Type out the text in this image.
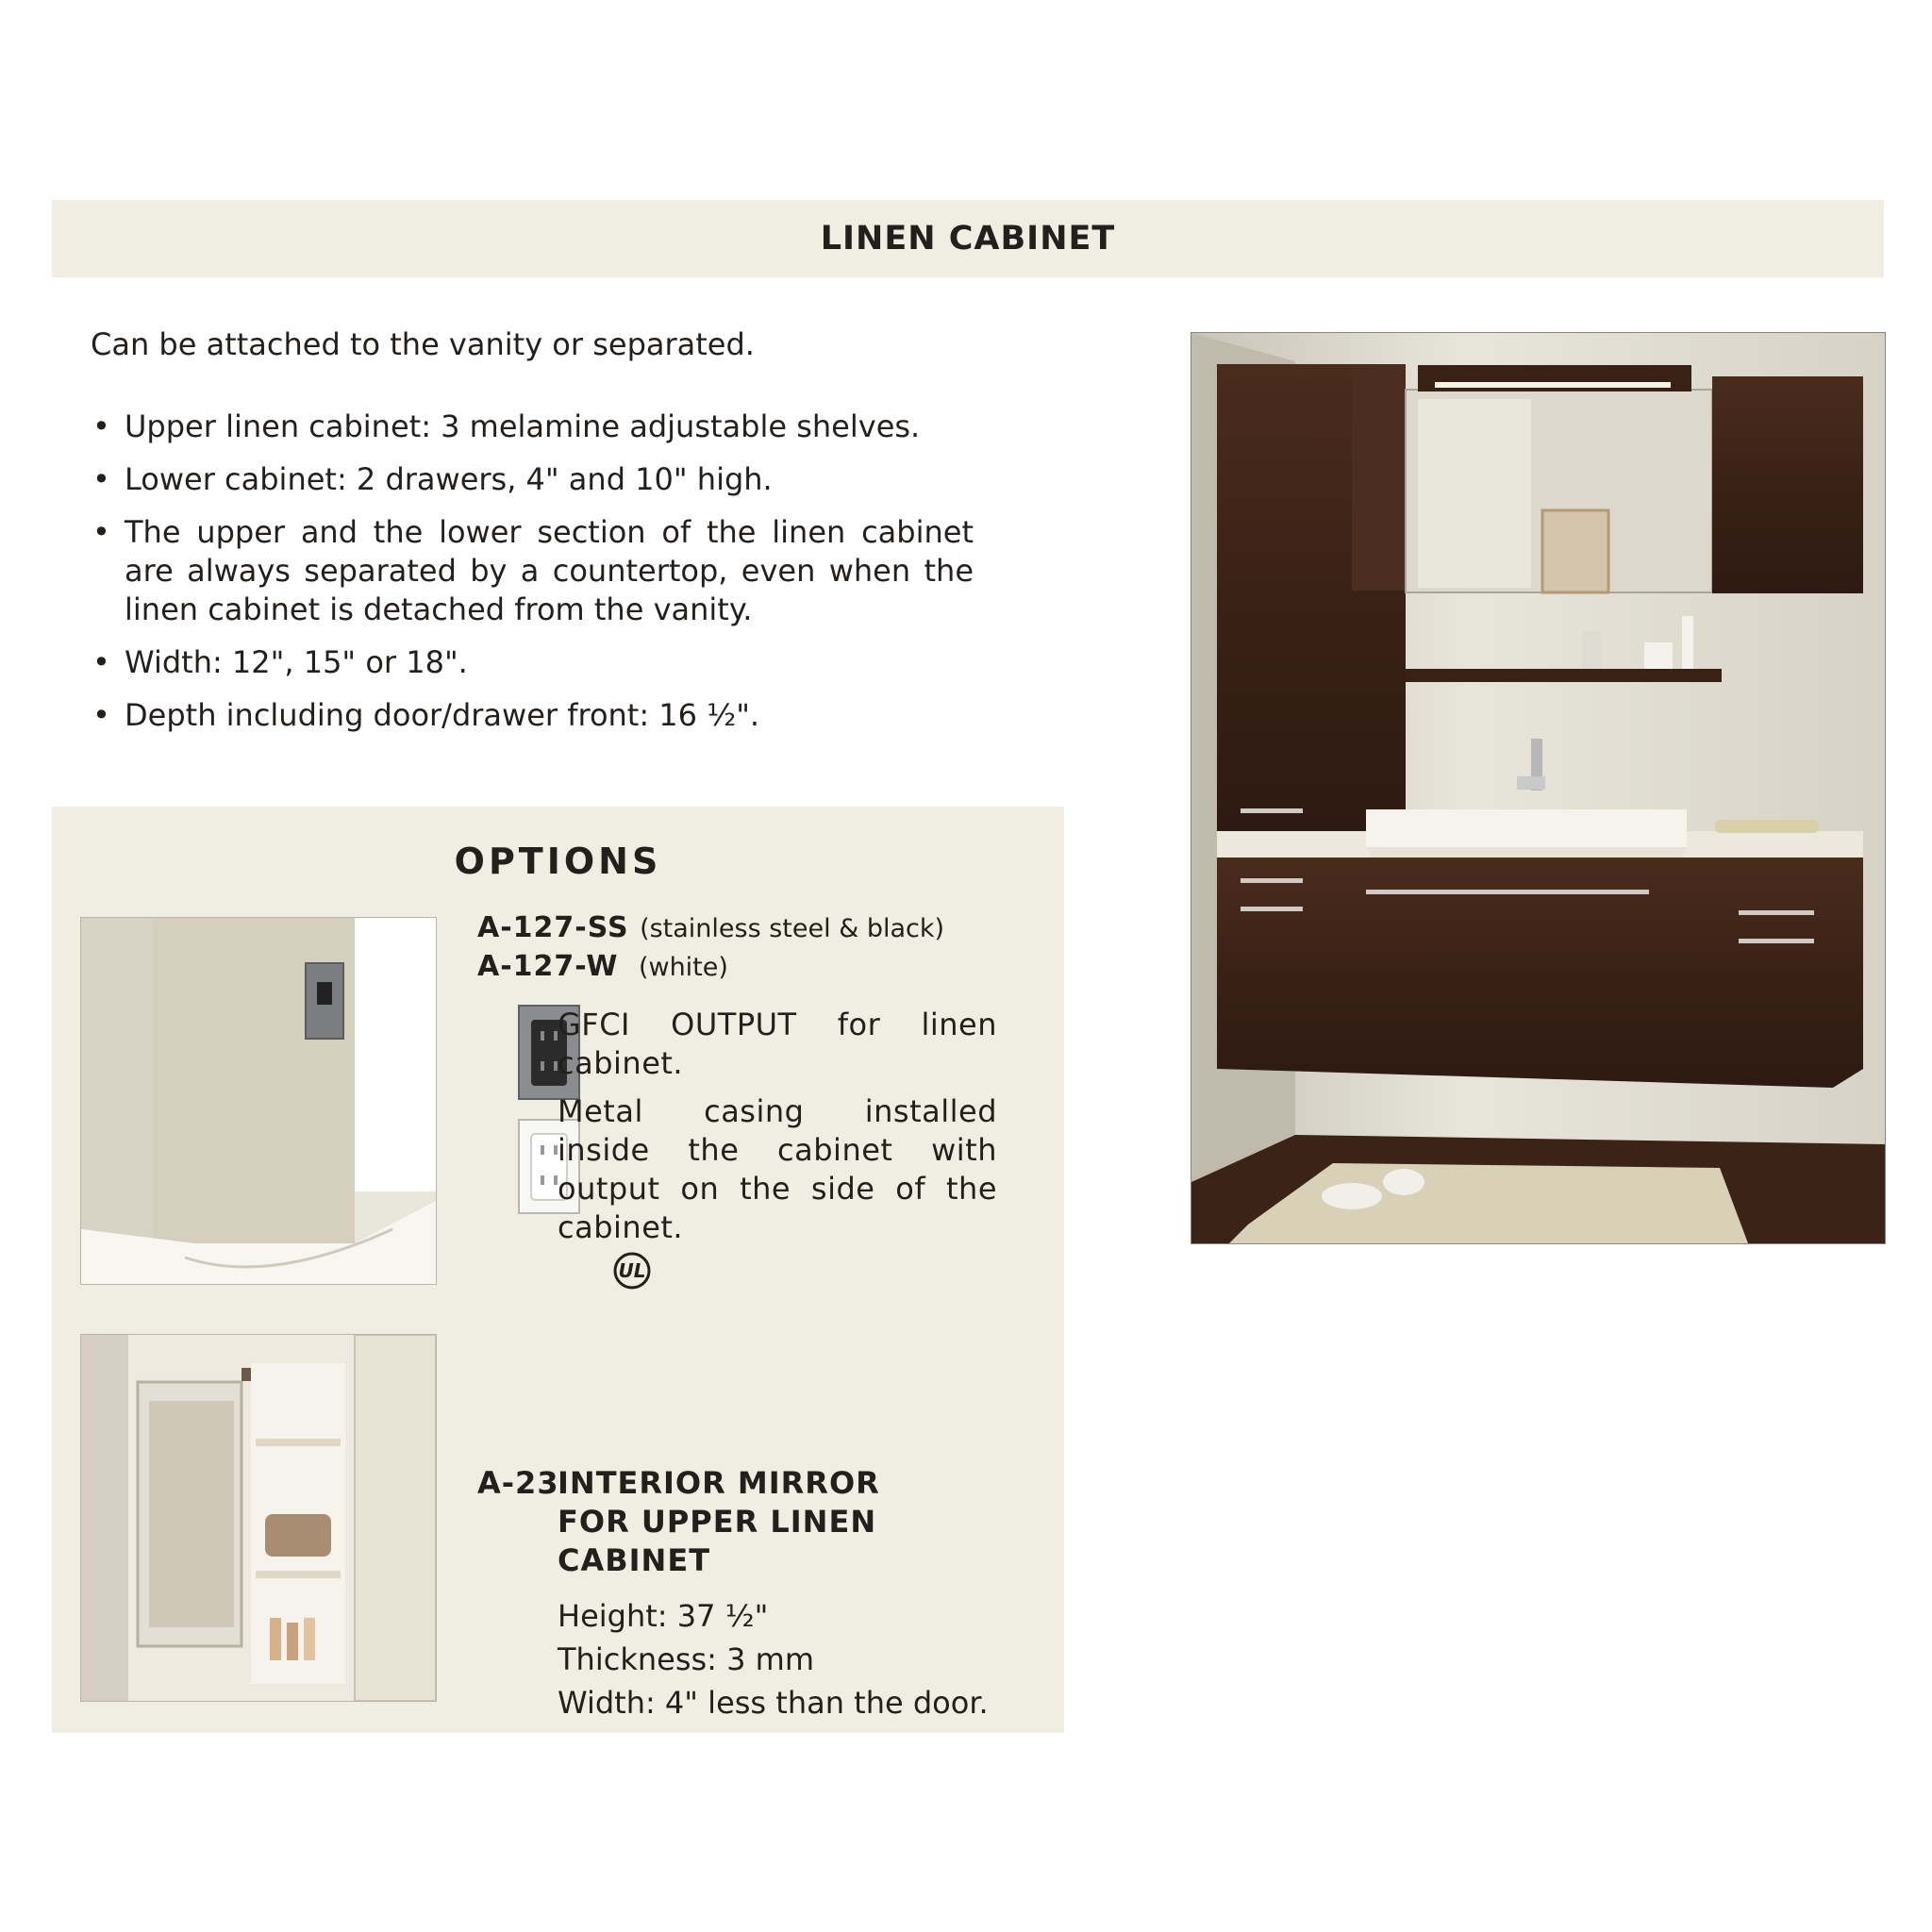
LINEN CABINET
Can be attached to the vanity or separated.
• Upper linen cabinet: 3 melamine adjustable shelves.
• Lower cabinet: 2 drawers, 4" and 10" high.
• The upper and the lower section of the linen cabinet are always separated by a countertop, even when the linen cabinet is detached from the vanity.
• Width: 12", 15" or 18".
• Depth including door/drawer front: 16 ½".
OPTIONS
A-127-SS (stainless steel & black)
A-127-W (white)
GFCI OUTPUT for linen cabinet.
Metal casing installed inside the cabinet with output on the side of the cabinet.
UL
A-23
INTERIOR MIRROR FOR UPPER LINEN CABINET
Height: 37 ½"
Thickness: 3 mm
Width: 4" less than the door.
